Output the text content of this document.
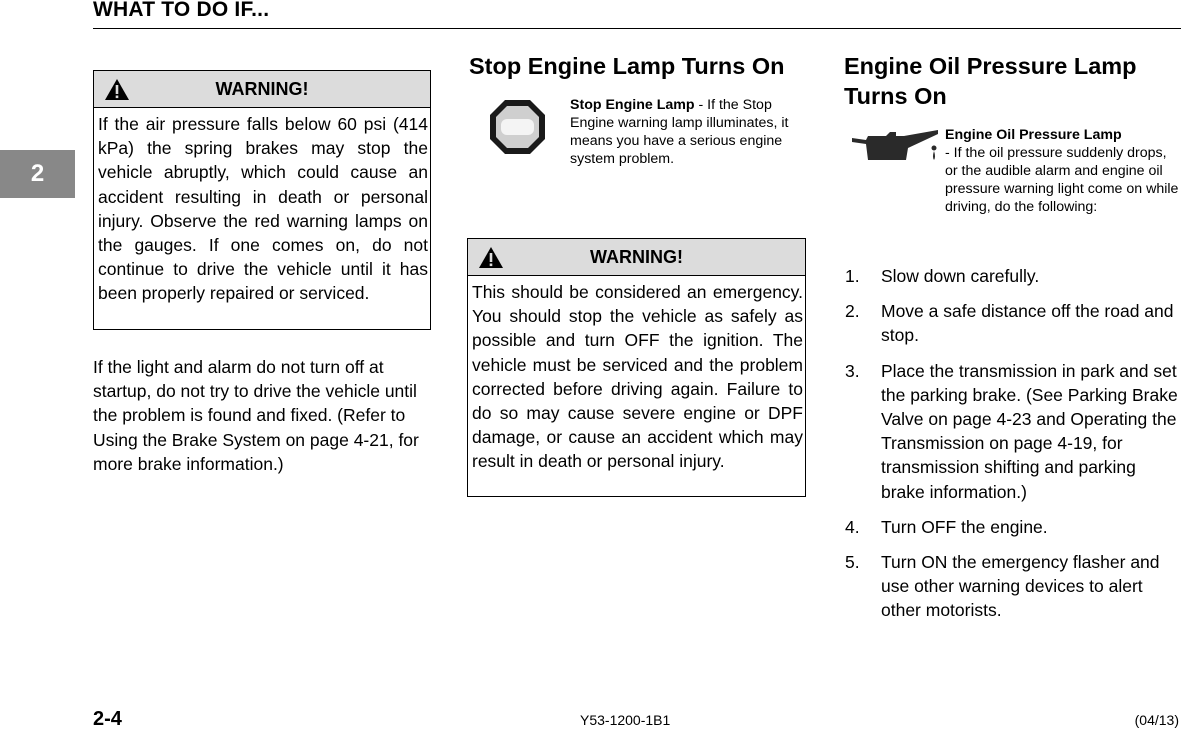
WHAT TO DO IF...
2
WARNING!
If the air pressure falls below 60 psi (414 kPa) the spring brakes may stop the vehicle abruptly, which could cause an accident resulting in death or personal injury. Observe the red warning lamps on the gauges. If one comes on, do not continue to drive the vehicle until it has been properly repaired or serviced.
If the light and alarm do not turn off at startup, do not try to drive the vehicle until the problem is found and fixed. (Refer to Using the Brake System on page 4-21, for more brake information.)
Stop Engine Lamp Turns On
Stop Engine Lamp - If the Stop Engine warning lamp illuminates, it means you have a serious engine system problem.
WARNING!
This should be considered an emergency. You should stop the vehicle as safely as possible and turn OFF the ignition. The vehicle must be serviced and the problem corrected before driving again. Failure to do so may cause severe engine or DPF damage, or cause an accident which may result in death or personal injury.
Engine Oil Pressure Lamp Turns On
Engine Oil Pressure Lamp
- If the oil pressure suddenly drops, or the audible alarm and engine oil pressure warning light come on while driving, do the following:
1.	Slow down carefully.
2.	Move a safe distance off the road and stop.
3.	Place the transmission in park and set the parking brake. (See Parking Brake Valve on page 4-23 and Operating the Transmission on page 4-19, for transmission shifting and parking brake information.)
4.	Turn OFF the engine.
5.	Turn ON the emergency flasher and use other warning devices to alert other motorists.
2-4	Y53-1200-1B1	(04/13)
